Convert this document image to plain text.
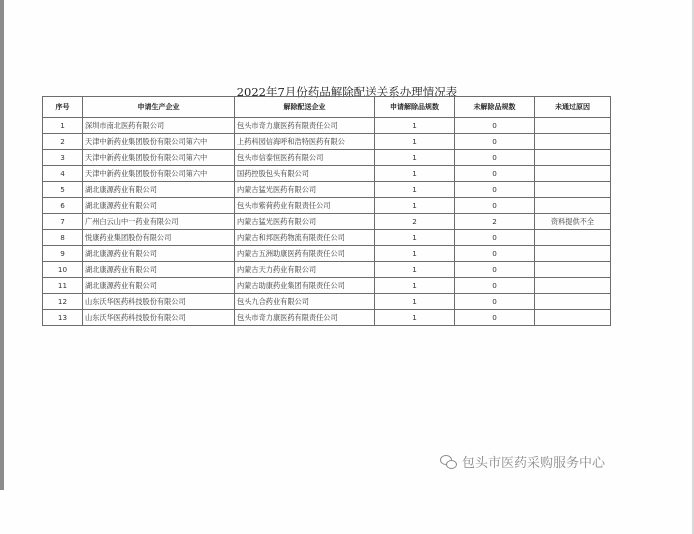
2022年7月份药品解除配送关系办理情况表
序号	申请生产企业	解除配送企业	申请解除品规数	未解除品规数	未通过原因
1	深圳市南北医药有限公司	包头市奇力康医药有限责任公司	1	0	
2	天津中新药业集团股份有限公司第六中	上药科园信海呼和浩特医药有限公	1	0	
3	天津中新药业集团股份有限公司第六中	包头市信泰恒医药有限公司	1	0	
4	天津中新药业集团股份有限公司第六中	国药控股包头有限公司	1	0	
5	湖北康源药业有限公司	内蒙古猛光医药有限公司	1	0	
6	湖北康源药业有限公司	包头市紫荷药业有限责任公司	1	0	
7	广州白云山中一药业有限公司	内蒙古猛光医药有限公司	2	2	资料提供不全
8	悦康药业集团股份有限公司	内蒙古和邦医药物流有限责任公司	1	0	
9	湖北康源药业有限公司	内蒙古五洲助康医药有限责任公司	1	0	
10	湖北康源药业有限公司	内蒙古天力药业有限公司	1	0	
11	湖北康源药业有限公司	内蒙古助康药业集团有限责任公司	1	0	
12	山东沃华医药科技股份有限公司	包头九合药业有限公司	1	0	
13	山东沃华医药科技股份有限公司	包头市奇力康医药有限责任公司	1	0	
包头市医药采购服务中心
